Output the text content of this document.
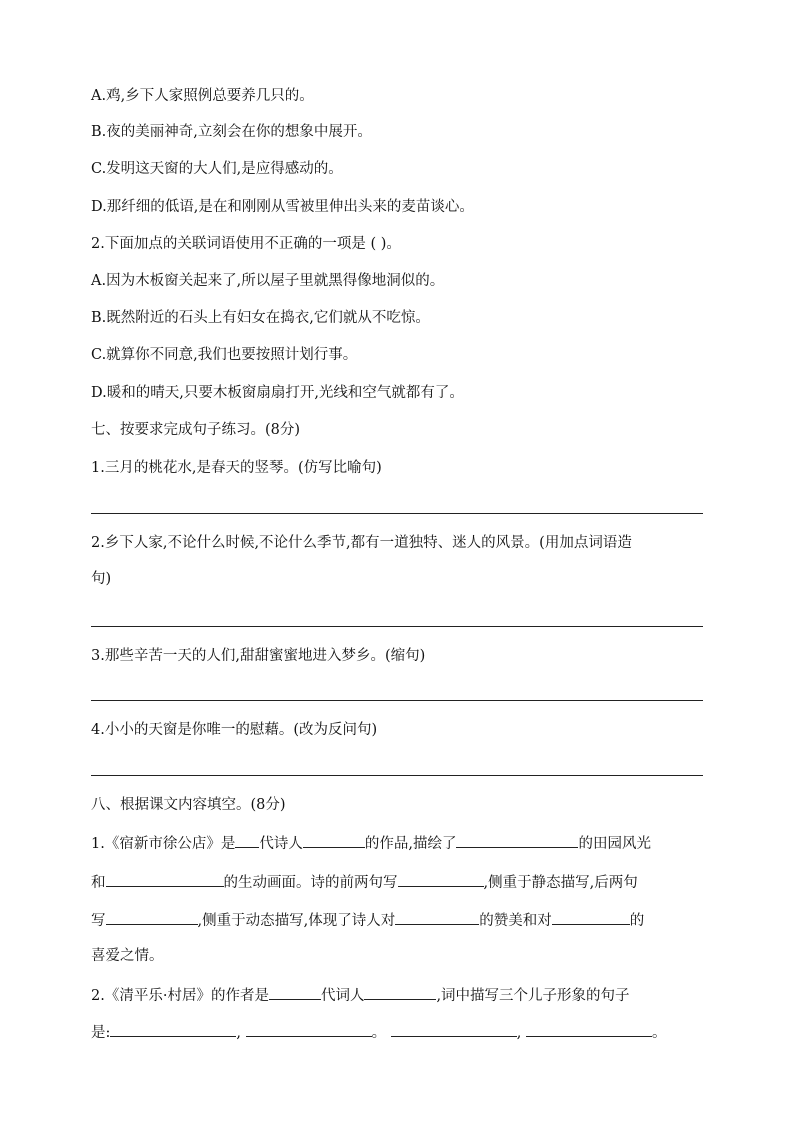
A.鸡,乡下人家照例总要养几只的。
B.夜的美丽神奇,立刻会在你的想象中展开。
C.发明这天窗的大人们,是应得感动的。
D.那纤细的低语,是在和刚刚从雪被里伸出头来的麦苗谈心。
2.下面加点的关联词语使用不正确的一项是 ( )。
A.因为木板窗关起来了,所以屋子里就黑得像地洞似的。
B.既然附近的石头上有妇女在捣衣,它们就从不吃惊。
C.就算你不同意,我们也要按照计划行事。
D.暖和的晴天,只要木板窗扇扇打开,光线和空气就都有了。
七、按要求完成句子练习。(8分)
1.三月的桃花水,是春天的竖琴。(仿写比喻句)
2.乡下人家,不论什么时候,不论什么季节,都有一道独特、迷人的风景。(用加点词语造
句)
3.那些辛苦一天的人们,甜甜蜜蜜地进入梦乡。(缩句)
4.小小的天窗是你唯一的慰藉。(改为反问句)
八、根据课文内容填空。(8分)
1.《宿新市徐公店》是 代诗人	的作品,描绘了	的田园风光
和	的生动画面。诗的前两句写	,侧重于静态描写,后两句
写	,侧重于动态描写,体现了诗人对	的赞美和对	的
喜爱之情。
2.《清平乐·村居》的作者是	代词人	,词中描写三个儿子形象的句子
是:	,	。	,	。
